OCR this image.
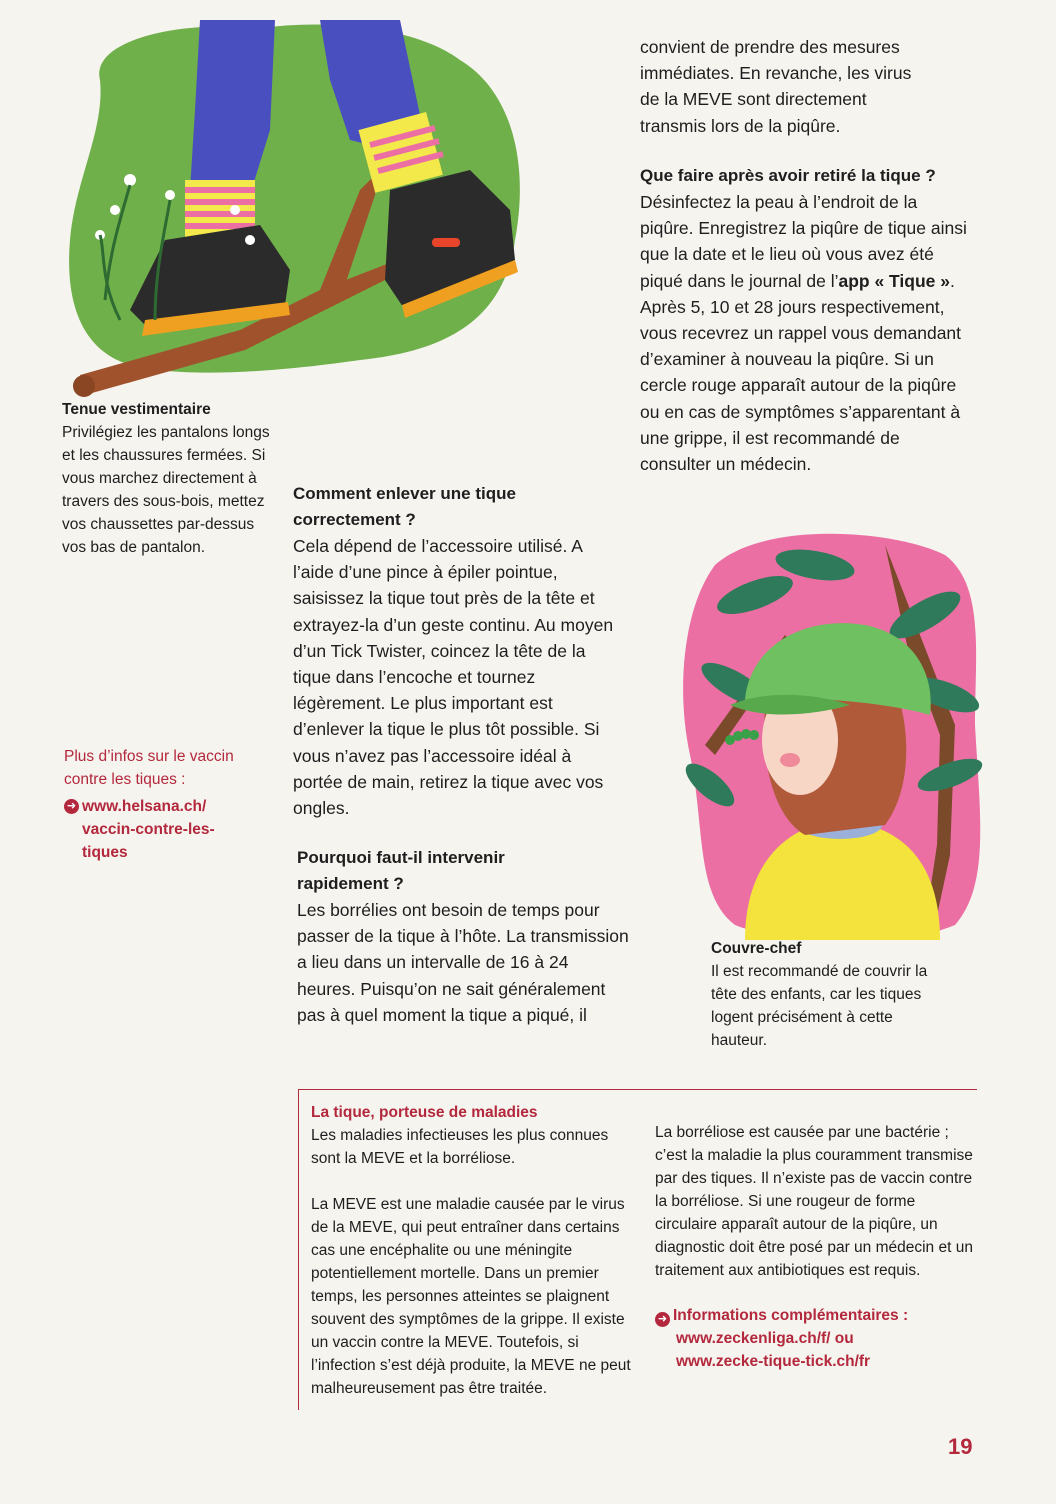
convient de prendre des mesures

immédiates. En revanche, les virus

de la MEVE sont directement

transmis lors de la piqûre.

Que faire après avoir retiré la tique ?

Désinfectez la peau à l’endroit de la piqûre. Enregistrez la piqûre de tique ainsi que la date et le lieu où vous avez été piqué dans le journal de l’app « Tique ». Après 5, 10 et 28 jours respectivement, vous recevrez un rappel vous demandant d’examiner à nouveau la piqûre. Si un cercle rouge apparaît autour de la piqûre ou en cas de symptômes s’apparentant à une grippe, il est recommandé de consulter un médecin.

Tenue vestimentaire

Privilégiez les pantalons longs et les chaussures fermées. Si vous marchez directement à travers des sous-bois, mettez vos chaussettes par-dessus vos bas de pantalon.

Plus d’infos sur le vaccin contre les tiques :

➜ www.helsana.ch/ vaccin-contre-les- tiques

Comment enlever une tique correctement ?

Cela dépend de l’accessoire utilisé. A l’aide d’une pince à épiler pointue, saisissez la tique tout près de la tête et extrayez-la d’un geste continu. Au moyen d’un Tick Twister, coincez la tête de la tique dans l’encoche et tournez légèrement. Le plus important est d’enlever la tique le plus tôt possible. Si vous n’avez pas l’accessoire idéal à portée de main, retirez la tique avec vos ongles.

Pourquoi faut-il intervenir rapidement ?

Les borrélies ont besoin de temps pour passer de la tique à l’hôte. La transmission a lieu dans un intervalle de 16 à 24 heures. Puisqu’on ne sait généralement pas à quel moment la tique a piqué, il

Couvre-chef

Il est recommandé de couvrir la tête des enfants, car les tiques logent précisément à cette hauteur.

La tique, porteuse de maladies

Les maladies infectieuses les plus connues sont la MEVE et la borréliose.

La MEVE est une maladie causée par le virus de la MEVE, qui peut entraîner dans certains cas une encéphalite ou une méningite potentiellement mortelle. Dans un premier temps, les personnes atteintes se plaignent souvent des symptômes de la grippe. Il existe un vaccin contre la MEVE. Toutefois, si l’infection s’est déjà produite, la MEVE ne peut malheureusement pas être traitée.

La borréliose est causée par une bactérie ; c’est la maladie la plus couramment transmise par des tiques. Il n’existe pas de vaccin contre la borréliose. Si une rougeur de forme circulaire apparaît autour de la piqûre, un diagnostic doit être posé par un médecin et un traitement aux antibiotiques est requis.

➜ Informations complémentaires :

www.zeckenliga.ch/f/ ou

www.zecke-tique-tick.ch/fr

19
